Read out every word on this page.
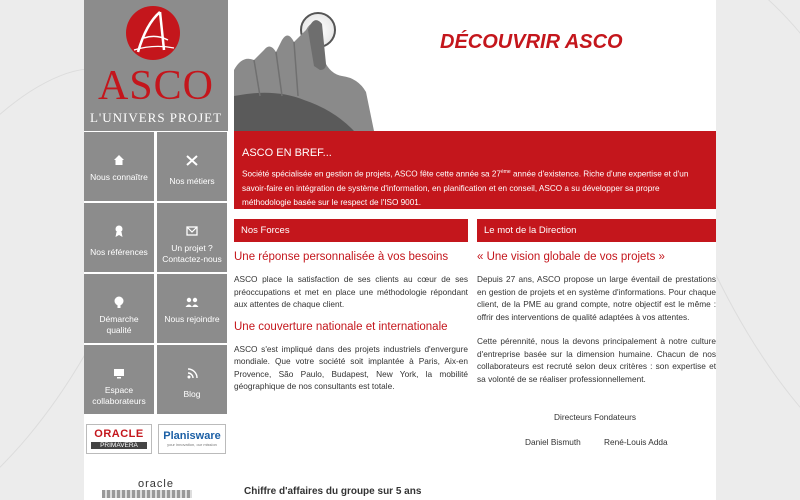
ASCO
L'UNIVERS PROJET
Nous connaître	Nos métiers
Nos références	Un projet ? Contactez-nous
Démarche qualité
Nous rejoindre
Espace collaborateurs
Blog
ORACLE
PRIMAVERA
Planisware
your innovation, our mission
oracle
DÉCOUVRIR ASCO
ASCO EN BREF...

Société spécialisée en gestion de projets, ASCO fête cette année sa 27ème année d'existence. Riche d'une expertise et d'un savoir-faire en intégration de système d'information, en planification et en conseil, ASCO a su développer sa propre méthodologie basée sur le respect de l'ISO 9001.

Nos Forces
Une réponse personnalisée à vos besoins

ASCO place la satisfaction de ses clients au cœur de ses préoccupations et met en place une méthodologie répondant aux attentes de chaque client.

Une couverture nationale et internationale

ASCO s'est impliqué dans des projets industriels d'envergure mondiale. Que votre société soit implantée à Paris, Aix-en Provence, São Paulo, Budapest, New York, la mobilité géographique de nos consultants est totale.

Le mot de la Direction
« Une vision globale de vos projets »

Depuis 27 ans, ASCO propose un large éventail de prestations en gestion de projets et en système d'informations. Pour chaque client, de la PME au grand compte, notre objectif est le même : offrir des interventions de qualité adaptées à vos attentes.

Cette pérennité, nous la devons principalement à notre culture d'entreprise basée sur la dimension humaine. Chacun de nos collaborateurs est recruté selon deux critères : son expertise et sa volonté de se réaliser professionnellement.

Directeurs Fondateurs
Daniel Bismuth	René-Louis Adda
Chiffre d'affaires du groupe sur 5 ans
